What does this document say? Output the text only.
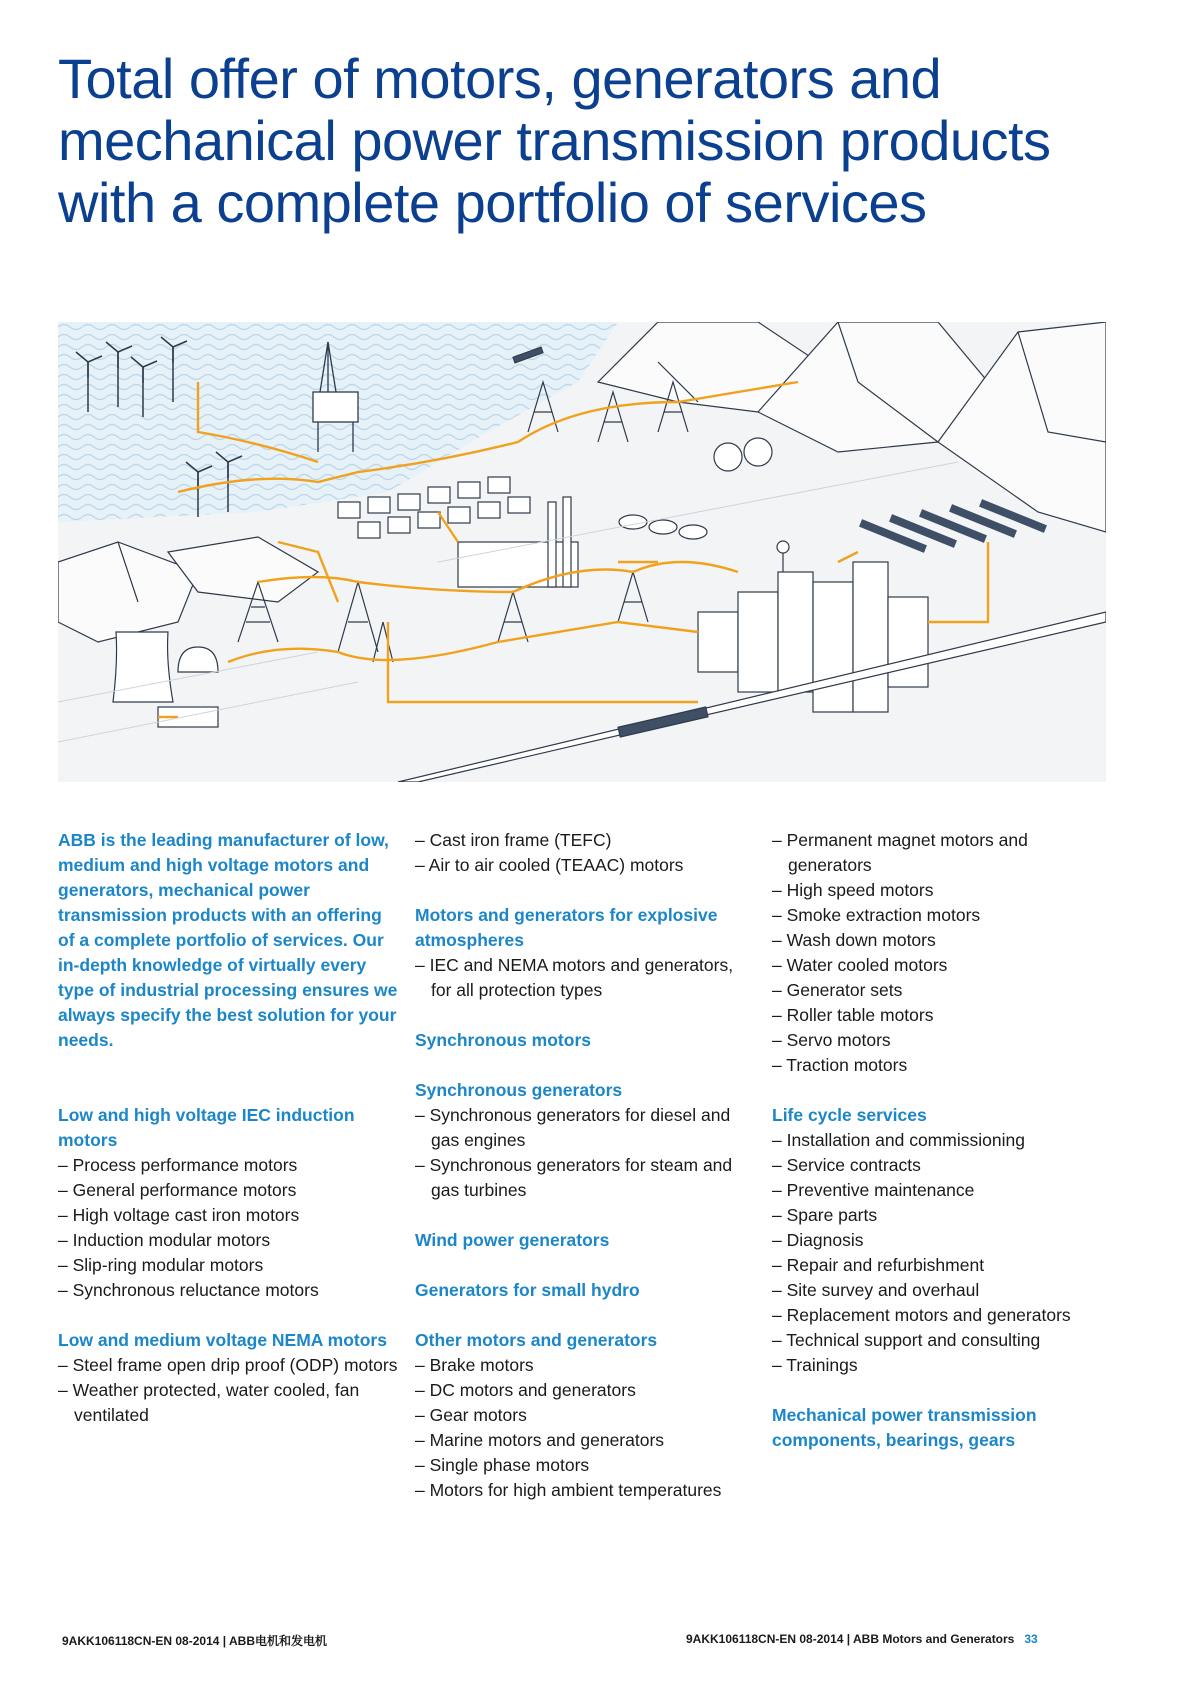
Total offer of motors, generators and
mechanical power transmission products
with a complete portfolio of services

ABB is the leading manufacturer of low, medium and high voltage motors and generators, mechanical power transmission products with an offering of a complete portfolio of services. Our in-depth knowledge of virtually every type of industrial processing ensures we always specify the best solution for your needs.

Low and high voltage IEC induction motors
– Process performance motors
– General performance motors
– High voltage cast iron motors
– Induction modular motors
– Slip-ring modular motors
– Synchronous reluctance motors
Low and medium voltage NEMA motors
– Steel frame open drip proof (ODP) motors
– Weather protected, water cooled, fan ventilated
– Cast iron frame (TEFC)
– Air to air cooled (TEAAC) motors
Motors and generators for explosive atmospheres
– IEC and NEMA motors and generators, for all protection types
Synchronous motors
Synchronous generators
– Synchronous generators for diesel and gas engines
– Synchronous generators for steam and gas turbines
Wind power generators
Generators for small hydro
Other motors and generators
– Brake motors
– DC motors and generators
– Gear motors
– Marine motors and generators
– Single phase motors
– Motors for high ambient temperatures
– Permanent magnet motors and generators
– High speed motors
– Smoke extraction motors
– Wash down motors
– Water cooled motors
– Generator sets
– Roller table motors
– Servo motors
– Traction motors
Life cycle services
– Installation and commissioning
– Service contracts
– Preventive maintenance
– Spare parts
– Diagnosis
– Repair and refurbishment
– Site survey and overhaul
– Replacement motors and generators
– Technical support and consulting
– Trainings
Mechanical power transmission components, bearings, gears
9AKK106118CN-EN 08-2014 | ABB电机和发电机	9AKK106118CN-EN 08-2014 | ABB Motors and Generators 33
